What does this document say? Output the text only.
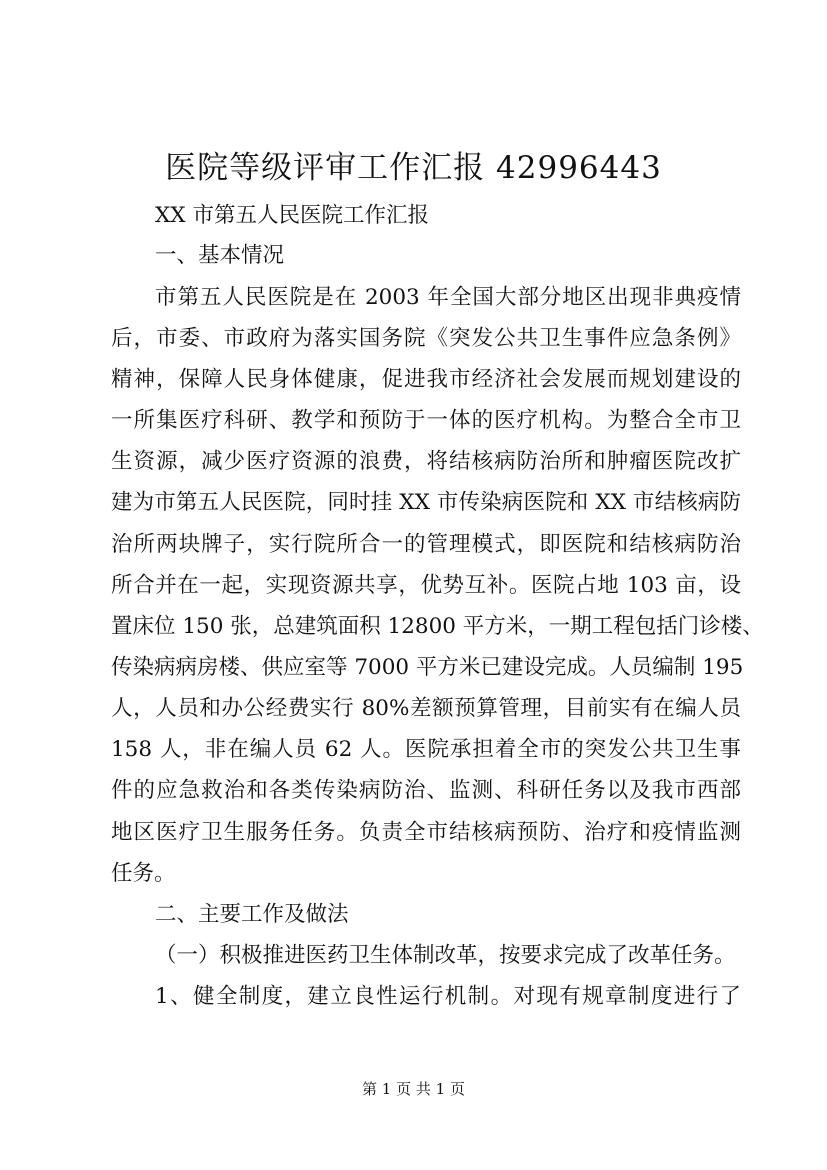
医院等级评审工作汇报 42996443
XX 市第五人民医院工作汇报
一、基本情况
市第五人民医院是在 2003 年全国大部分地区出现非典疫情
后，市委、市政府为落实国务院《突发公共卫生事件应急条例》
精神，保障人民身体健康，促进我市经济社会发展而规划建设的
一所集医疗科研、教学和预防于一体的医疗机构。为整合全市卫
生资源，减少医疗资源的浪费，将结核病防治所和肿瘤医院改扩
建为市第五人民医院，同时挂 XX 市传染病医院和 XX 市结核病防
治所两块牌子，实行院所合一的管理模式，即医院和结核病防治
所合并在一起，实现资源共享，优势互补。医院占地 103 亩，设
置床位 150 张，总建筑面积 12800 平方米，一期工程包括门诊楼、
传染病病房楼、供应室等 7000 平方米已建设完成。人员编制 195
人，人员和办公经费实行 80%差额预算管理，目前实有在编人员
158 人，非在编人员 62 人。医院承担着全市的突发公共卫生事
件的应急救治和各类传染病防治、监测、科研任务以及我市西部
地区医疗卫生服务任务。负责全市结核病预防、治疗和疫情监测
任务。
二、主要工作及做法
（一）积极推进医药卫生体制改革，按要求完成了改革任务。
1、健全制度，建立良性运行机制。对现有规章制度进行了
第 1 页 共 1 页
